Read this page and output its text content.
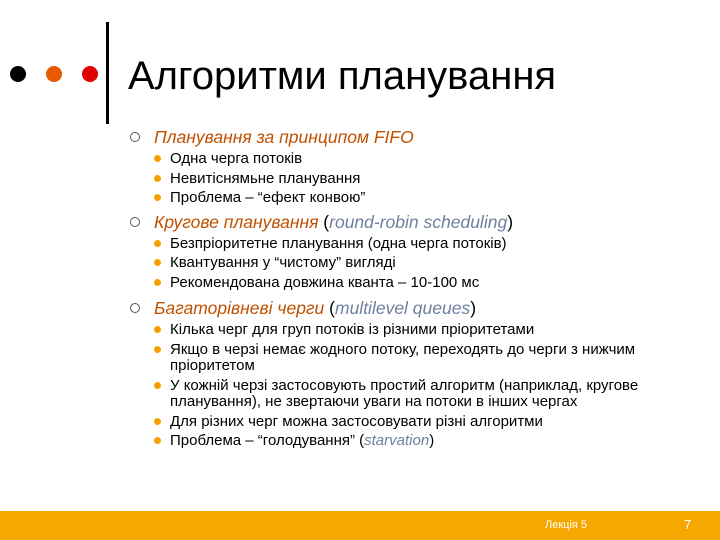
Алгоритми планування
Планування за принципом FIFO
Одна черга потоків
Невитіснямьне планування
Проблема – “ефект конвою”
Кругове планування (round-robin scheduling)
Безпріоритетне планування (одна черга потоків)
Квантування у “чистому” вигляді
Рекомендована довжина кванта – 10-100 мс
Багаторівневі черги (multilevel queues)
Кілька черг для груп потоків із різними пріоритетами
Якщо в черзі немає жодного потоку, переходять до черги з нижчим пріоритетом
У кожній черзі застосовують простий алгоритм (наприклад, кругове планування), не звертаючи уваги на потоки в інших чергах
Для різних черг можна застосовувати різні алгоритми
Проблема – “голодування” (starvation)
Лекція 5	7
